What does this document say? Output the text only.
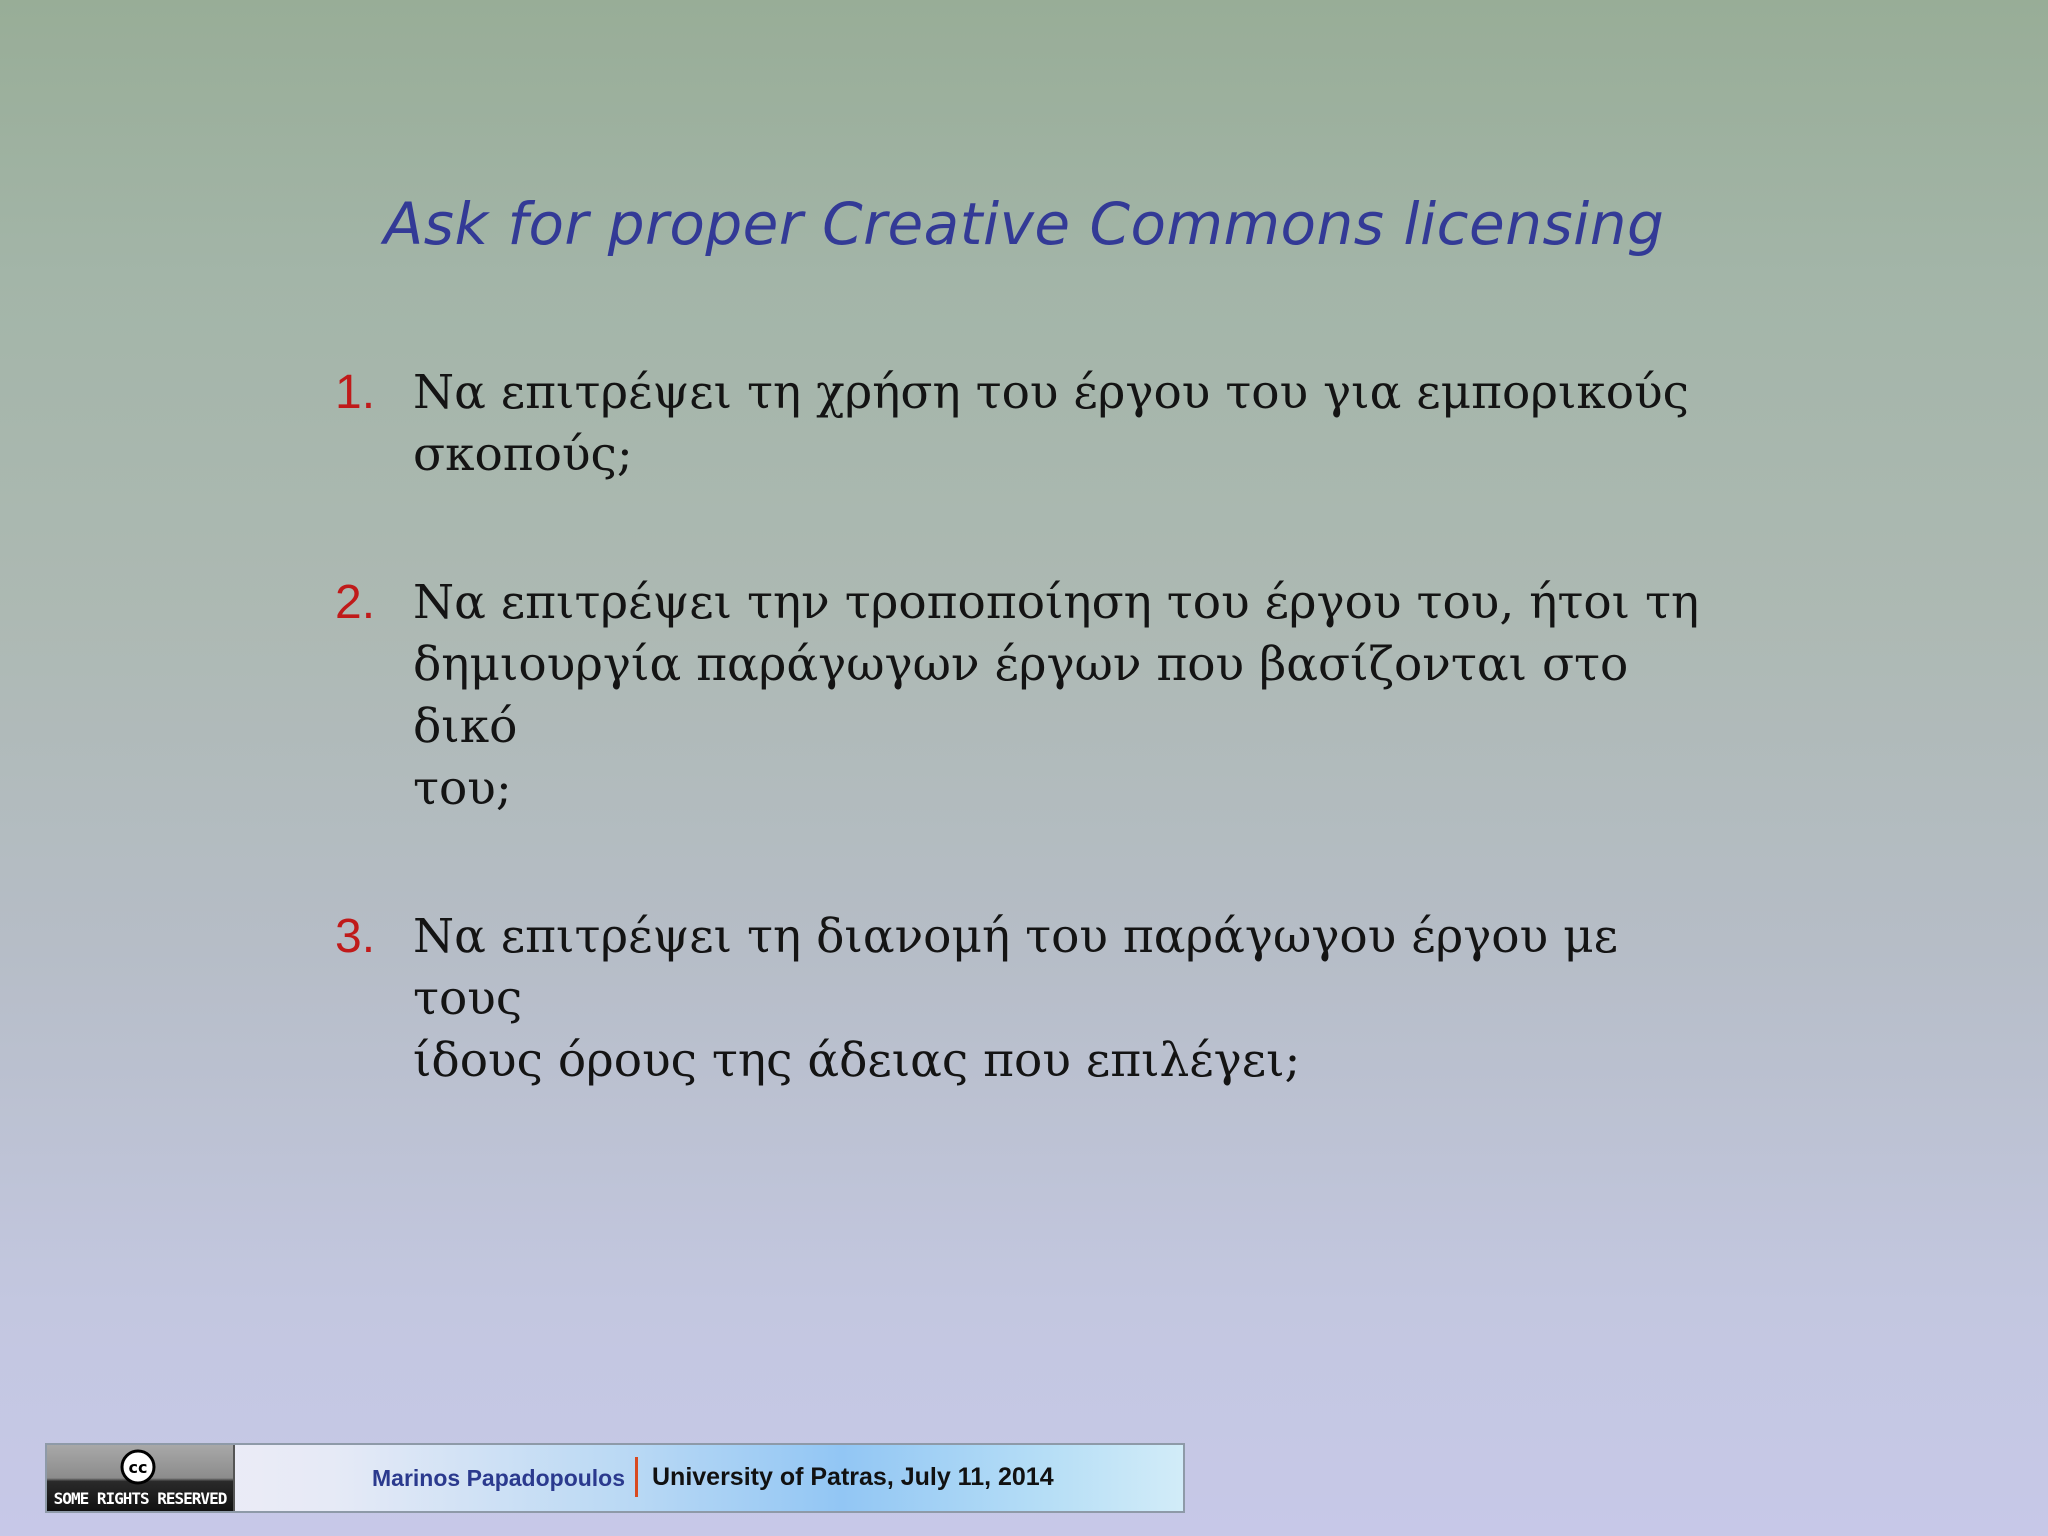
Ask for proper Creative Commons licensing
1. Να επιτρέψει τη χρήση του έργου του για εμπορικούς
σκοπούς;
2. Να επιτρέψει την τροποποίηση του έργου του, ήτοι τη
δημιουργία παράγωγων έργων που βασίζονται στο δικό
του;
3. Να επιτρέψει τη διανομή του παράγωγου έργου με τους
ίδους όρους της άδειας που επιλέγει;
cc
SOME RIGHTS RESERVED
Marinos Papadopoulos University of Patras, July 11, 2014
